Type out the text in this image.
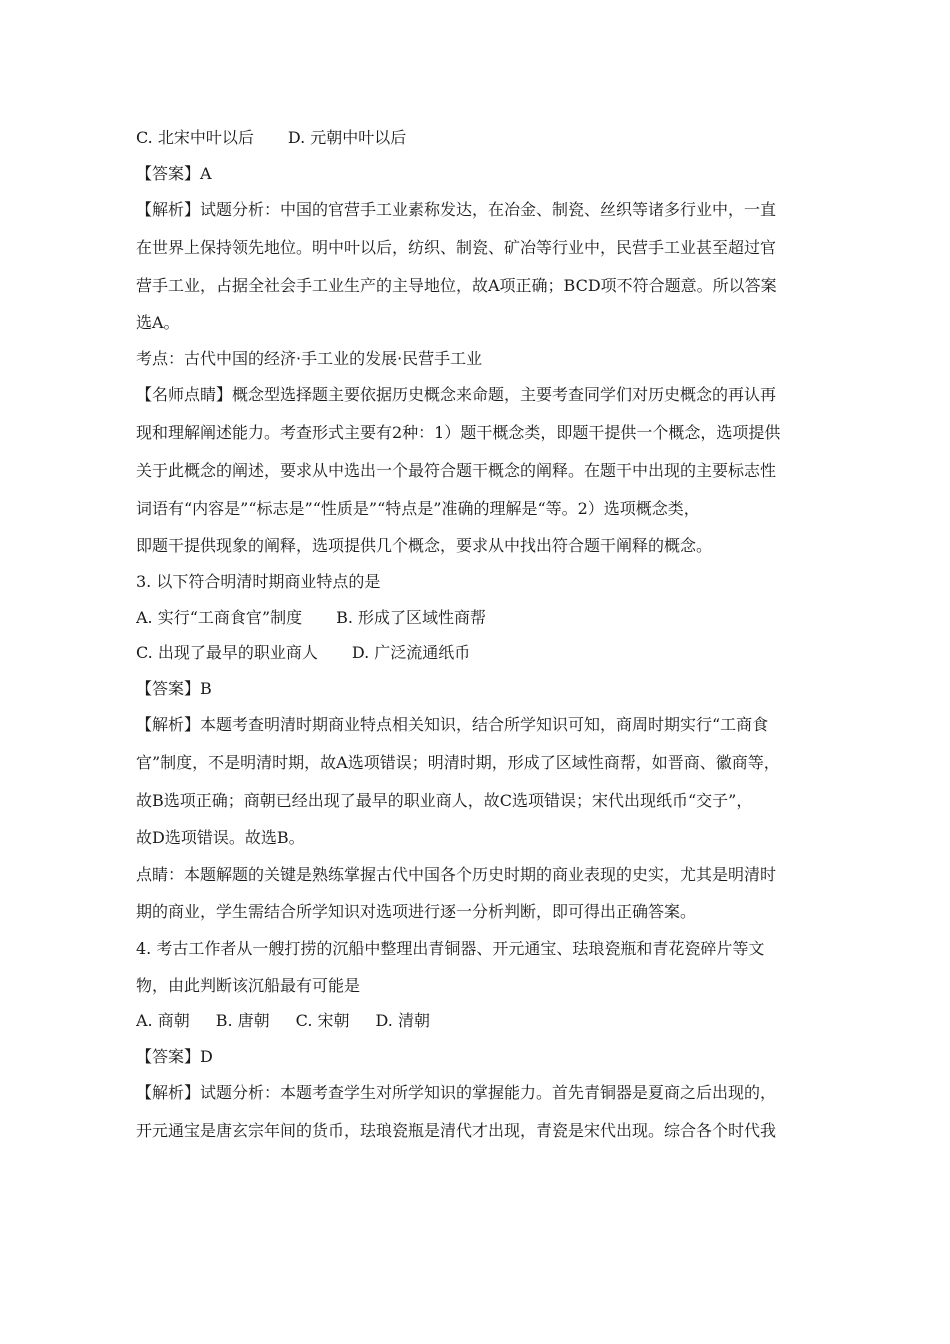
C. 北宋中叶以后 D. 元朝中叶以后
【答案】A
【解析】试题分析：中国的官营手工业素称发达，在冶金、制瓷、丝织等诸多行业中，一直
在世界上保持领先地位。明中叶以后，纺织、制瓷、矿冶等行业中，民营手工业甚至超过官
营手工业，占据全社会手工业生产的主导地位，故A项正确；BCD项不符合题意。所以答案
选A。
考点：古代中国的经济·手工业的发展·民营手工业
【名师点睛】概念型选择题主要依据历史概念来命题，主要考查同学们对历史概念的再认再
现和理解阐述能力。考查形式主要有2种：1）题干概念类，即题干提供一个概念，选项提供
关于此概念的阐述，要求从中选出一个最符合题干概念的阐释。在题干中出现的主要标志性
词语有“内容是”“标志是”“性质是”“特点是”准确的理解是“等。2）选项概念类，
即题干提供现象的阐释，选项提供几个概念，要求从中找出符合题干阐释的概念。
3. 以下符合明清时期商业特点的是
A. 实行“工商食官”制度 B. 形成了区域性商帮
C. 出现了最早的职业商人 D. 广泛流通纸币
【答案】B
【解析】本题考查明清时期商业特点相关知识，结合所学知识可知，商周时期实行“工商食
官”制度，不是明清时期，故A选项错误；明清时期，形成了区域性商帮，如晋商、徽商等，
故B选项正确；商朝已经出现了最早的职业商人，故C选项错误；宋代出现纸币“交子”，
故D选项错误。故选B。
点睛：本题解题的关键是熟练掌握古代中国各个历史时期的商业表现的史实，尤其是明清时
期的商业，学生需结合所学知识对选项进行逐一分析判断，即可得出正确答案。
4. 考古工作者从一艘打捞的沉船中整理出青铜器、开元通宝、珐琅瓷瓶和青花瓷碎片等文
物，由此判断该沉船最有可能是
A. 商朝 B. 唐朝 C. 宋朝 D. 清朝
【答案】D
【解析】试题分析：本题考查学生对所学知识的掌握能力。首先青铜器是夏商之后出现的，
开元通宝是唐玄宗年间的货币，珐琅瓷瓶是清代才出现，青瓷是宋代出现。综合各个时代我
